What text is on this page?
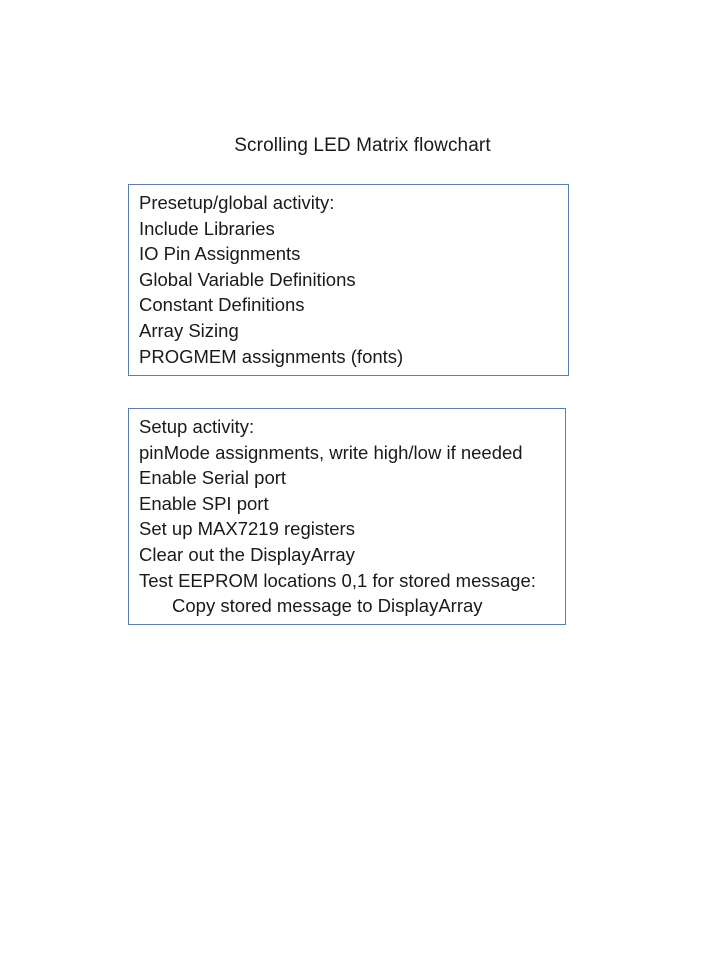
Scrolling LED Matrix flowchart
Presetup/global activity:
Include Libraries
IO Pin Assignments
Global Variable Definitions
Constant Definitions
Array Sizing
PROGMEM assignments (fonts)
Setup activity:
pinMode assignments, write high/low if needed
Enable Serial port
Enable SPI port
Set up MAX7219 registers
Clear out the DisplayArray
Test EEPROM locations 0,1 for stored message:
Copy stored message to DisplayArray
